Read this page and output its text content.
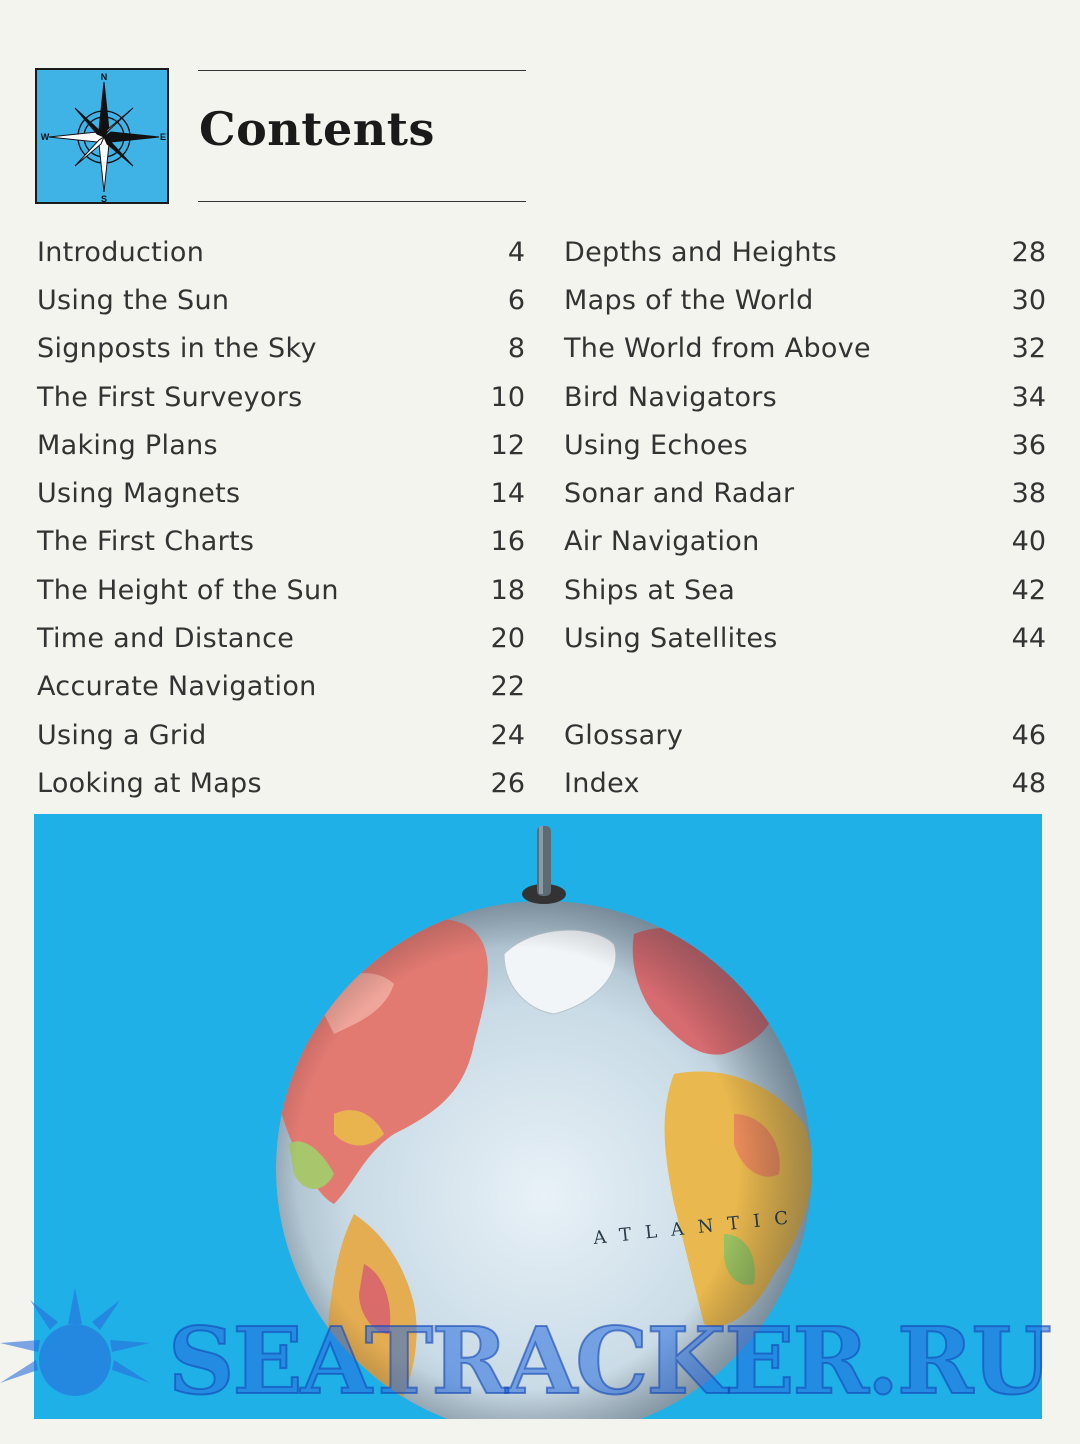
N
S
W	E Contents
Introduction	4
Using the Sun	6
Signposts in the Sky	8
The First Surveyors	10
Making Plans	12
Using Magnets	14
The First Charts	16
The Height of the Sun	18
Time and Distance	20
Accurate Navigation	22
Using a Grid	24
Looking at Maps	26
Depths and Heights	28
Maps of the World	30
The World from Above	32
Bird Navigators	34
Using Echoes	36
Sonar and Radar	38
Air Navigation	40
Ships at Sea	42
Using Satellites	44
Glossary	46
Index	48
SEATRACKER.RU
